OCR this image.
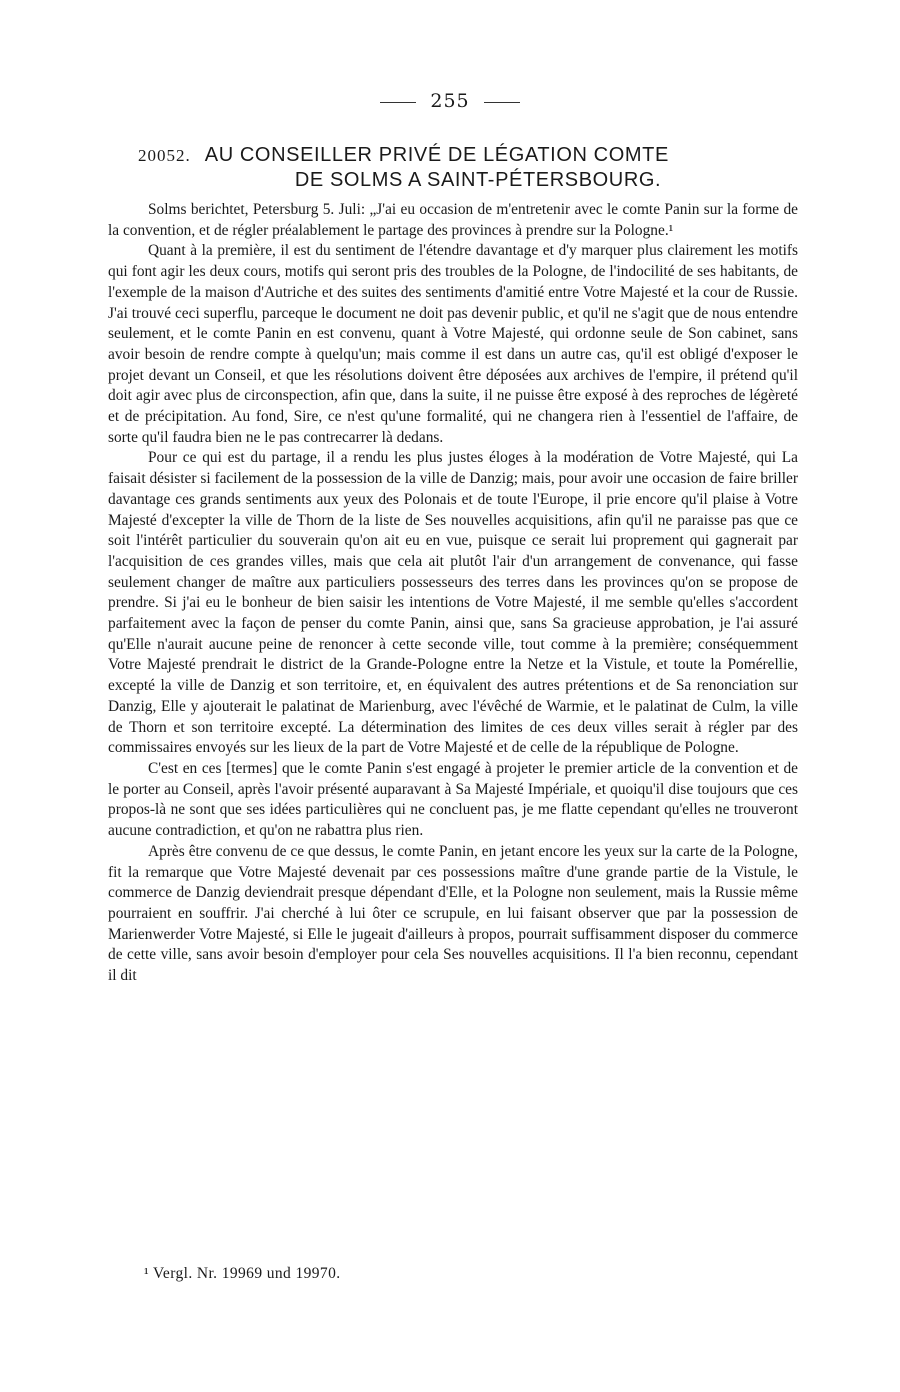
255
20052. AU CONSEILLER PRIVÉ DE LÉGATION COMTE
DE SOLMS A SAINT-PÉTERSBOURG.

Solms berichtet, Petersburg 5. Juli: „J'ai eu occasion de m'entretenir avec le comte Panin sur la forme de la convention, et de régler préalablement le partage des provinces à prendre sur la Pologne.¹

Quant à la première, il est du sentiment de l'étendre davantage et d'y marquer plus clairement les motifs qui font agir les deux cours, motifs qui seront pris des troubles de la Pologne, de l'indocilité de ses habitants, de l'exemple de la maison d'Autriche et des suites des sentiments d'amitié entre Votre Majesté et la cour de Russie. J'ai trouvé ceci superflu, parceque le document ne doit pas devenir public, et qu'il ne s'agit que de nous entendre seulement, et le comte Panin en est convenu, quant à Votre Majesté, qui ordonne seule de Son cabinet, sans avoir besoin de rendre compte à quelqu'un; mais comme il est dans un autre cas, qu'il est obligé d'exposer le projet devant un Conseil, et que les résolutions doivent être déposées aux archives de l'empire, il prétend qu'il doit agir avec plus de circonspection, afin que, dans la suite, il ne puisse être exposé à des reproches de légèreté et de précipitation. Au fond, Sire, ce n'est qu'une formalité, qui ne changera rien à l'essentiel de l'affaire, de sorte qu'il faudra bien ne le pas contrecarrer là dedans.

Pour ce qui est du partage, il a rendu les plus justes éloges à la modération de Votre Majesté, qui La faisait désister si facilement de la possession de la ville de Danzig; mais, pour avoir une occasion de faire briller davantage ces grands sentiments aux yeux des Polonais et de toute l'Europe, il prie encore qu'il plaise à Votre Majesté d'excepter la ville de Thorn de la liste de Ses nouvelles acquisitions, afin qu'il ne paraisse pas que ce soit l'intérêt particulier du souverain qu'on ait eu en vue, puisque ce serait lui proprement qui gagnerait par l'acquisition de ces grandes villes, mais que cela ait plutôt l'air d'un arrangement de convenance, qui fasse seulement changer de maître aux particuliers possesseurs des terres dans les provinces qu'on se propose de prendre. Si j'ai eu le bonheur de bien saisir les intentions de Votre Majesté, il me semble qu'elles s'accordent parfaitement avec la façon de penser du comte Panin, ainsi que, sans Sa gracieuse approbation, je l'ai assuré qu'Elle n'aurait aucune peine de renoncer à cette seconde ville, tout comme à la première; conséquemment Votre Majesté prendrait le district de la Grande-Pologne entre la Netze et la Vistule, et toute la Pomérellie, excepté la ville de Danzig et son territoire, et, en équivalent des autres prétentions et de Sa renonciation sur Danzig, Elle y ajouterait le palatinat de Marienburg, avec l'évêché de Warmie, et le palatinat de Culm, la ville de Thorn et son territoire excepté. La détermination des limites de ces deux villes serait à régler par des commissaires envoyés sur les lieux de la part de Votre Majesté et de celle de la république de Pologne.

C'est en ces [termes] que le comte Panin s'est engagé à projeter le premier article de la convention et de le porter au Conseil, après l'avoir présenté auparavant à Sa Majesté Impériale, et quoiqu'il dise toujours que ces propos-là ne sont que ses idées particulières qui ne concluent pas, je me flatte cependant qu'elles ne trouveront aucune contradiction, et qu'on ne rabattra plus rien.

Après être convenu de ce que dessus, le comte Panin, en jetant encore les yeux sur la carte de la Pologne, fit la remarque que Votre Majesté devenait par ces possessions maître d'une grande partie de la Vistule, le commerce de Danzig deviendrait presque dépendant d'Elle, et la Pologne non seulement, mais la Russie même pourraient en souffrir. J'ai cherché à lui ôter ce scrupule, en lui faisant observer que par la possession de Marienwerder Votre Majesté, si Elle le jugeait d'ailleurs à propos, pourrait suffisamment disposer du commerce de cette ville, sans avoir besoin d'employer pour cela Ses nouvelles acquisitions. Il l'a bien reconnu, cependant il dit

¹ Vergl. Nr. 19969 und 19970.
